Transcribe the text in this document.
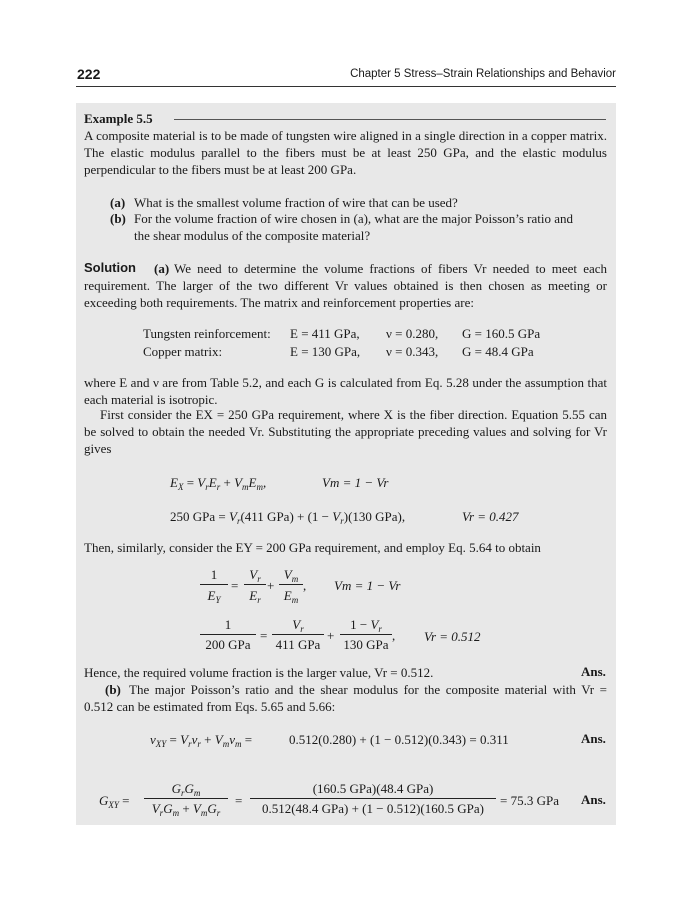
222	Chapter 5 Stress–Strain Relationships and Behavior
Example 5.5
A composite material is to be made of tungsten wire aligned in a single direction in a copper matrix. The elastic modulus parallel to the fibers must be at least 250 GPa, and the elastic modulus perpendicular to the fibers must be at least 200 GPa.
(a) What is the smallest volume fraction of wire that can be used?
(b) For the volume fraction of wire chosen in (a), what are the major Poisson’s ratio and
the shear modulus of the composite material?
Solution (a) We need to determine the volume fractions of fibers Vr needed to meet each requirement. The larger of the two different Vr values obtained is then chosen as meeting or exceeding both requirements. The matrix and reinforcement properties are:
Tungsten reinforcement: E = 411 GPa, ν = 0.280, G = 160.5 GPa
Copper matrix:	E = 130 GPa, ν = 0.343, G = 48.4 GPa
where E and ν are from Table 5.2, and each G is calculated from Eq. 5.28 under the assumption that each material is isotropic.
First consider the EX = 250 GPa requirement, where X is the fiber direction. Equation 5.55 can be solved to obtain the needed Vr. Substituting the appropriate preceding values and solving for Vr gives
$E_X = V_rE_r + V_mE_m$,	Vm = 1 − Vr
250 GPa = $V_r(411$ $GPa) + (1 - V_r)(130$ GPa),	Vr = 0.427
Then, similarly, consider the EY = 200 GPa requirement, and employ Eq. 5.64 to obtain
1
$E_Y$
=
$V_r$
$E_r$
+
$V_m$
$E_m$
, Vm = 1 − Vr
1
200 GPa
=
$V_r$
411 GPa
+
$1 - V_r$
130 GPa
, Vr = 0.512
Hence, the required volume fraction is the larger value, Vr = 0.512.	Ans.
(b) The major Poisson’s ratio and the shear modulus for the composite material with Vr = 0.512 can be estimated from Eqs. 5.65 and 5.66:
$\nu_{XY} = V_r\nu_r + V_m\nu_m$ =	0.512(0.280) + (1 − 0.512)(0.343) = 0.311	Ans.
$G_{XY}$ =
$G_rG_m$
$V_rG_m + V_mG_r$
=
(160.5 GPa)(48.4 GPa)
0.512(48.4 GPa) + (1 − 0.512)(160.5 GPa)
= 75.3 GPa Ans.
